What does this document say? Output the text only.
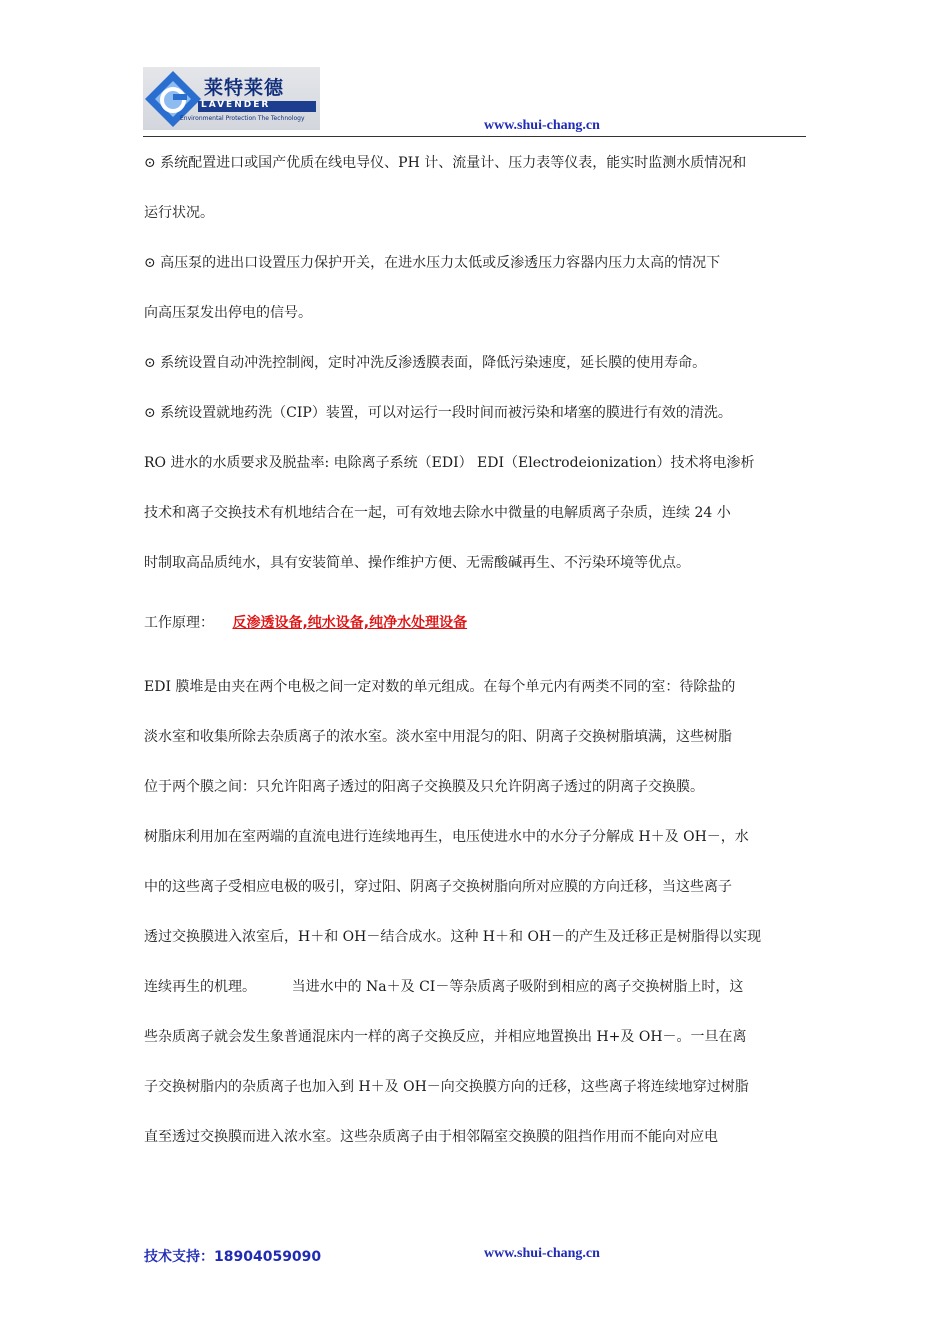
莱特莱德
LAVENDER
Environmental Protection The Technology	www.shui-chang.cn

⊙ 系统配置进口或国产优质在线电导仪、PH 计、流量计、压力表等仪表，能实时监测水质情况和
运行状况。

⊙ 高压泵的进出口设置压力保护开关，在进水压力太低或反渗透压力容器内压力太高的情况下
向高压泵发出停电的信号。

⊙ 系统设置自动冲洗控制阀，定时冲洗反渗透膜表面，降低污染速度，延长膜的使用寿命。

⊙ 系统设置就地药洗（CIP）装置，可以对运行一段时间而被污染和堵塞的膜进行有效的清洗。

RO 进水的水质要求及脱盐率: 电除离子系统（EDI） EDI（Electrodeionization）技术将电渗析
技术和离子交换技术有机地结合在一起，可有效地去除水中微量的电解质离子杂质，连续 24 小
时制取高品质纯水，具有安装简单、操作维护方便、无需酸碱再生、不污染环境等优点。

工作原理： 反渗透设备,纯水设备,纯净水处理设备

EDI 膜堆是由夹在两个电极之间一定对数的单元组成。在每个单元内有两类不同的室：待除盐的
淡水室和收集所除去杂质离子的浓水室。淡水室中用混匀的阳、阴离子交换树脂填满，这些树脂
位于两个膜之间：只允许阳离子透过的阳离子交换膜及只允许阴离子透过的阴离子交换膜。

树脂床利用加在室两端的直流电进行连续地再生，电压使进水中的水分子分解成 H＋及 OH－，水
中的这些离子受相应电极的吸引，穿过阳、阴离子交换树脂向所对应膜的方向迁移，当这些离子
透过交换膜进入浓室后，H＋和 OH－结合成水。这种 H＋和 OH－的产生及迁移正是树脂得以实现
连续再生的机理。        当进水中的 Na＋及 CI－等杂质离子吸附到相应的离子交换树脂上时，这
些杂质离子就会发生象普通混床内一样的离子交换反应，并相应地置换出 H+及 OH－。一旦在离
子交换树脂内的杂质离子也加入到 H＋及 OH－向交换膜方向的迁移，这些离子将连续地穿过树脂
直至透过交换膜而进入浓水室。这些杂质离子由于相邻隔室交换膜的阻挡作用而不能向对应电

技术支持：18904059090	www.shui-chang.cn
